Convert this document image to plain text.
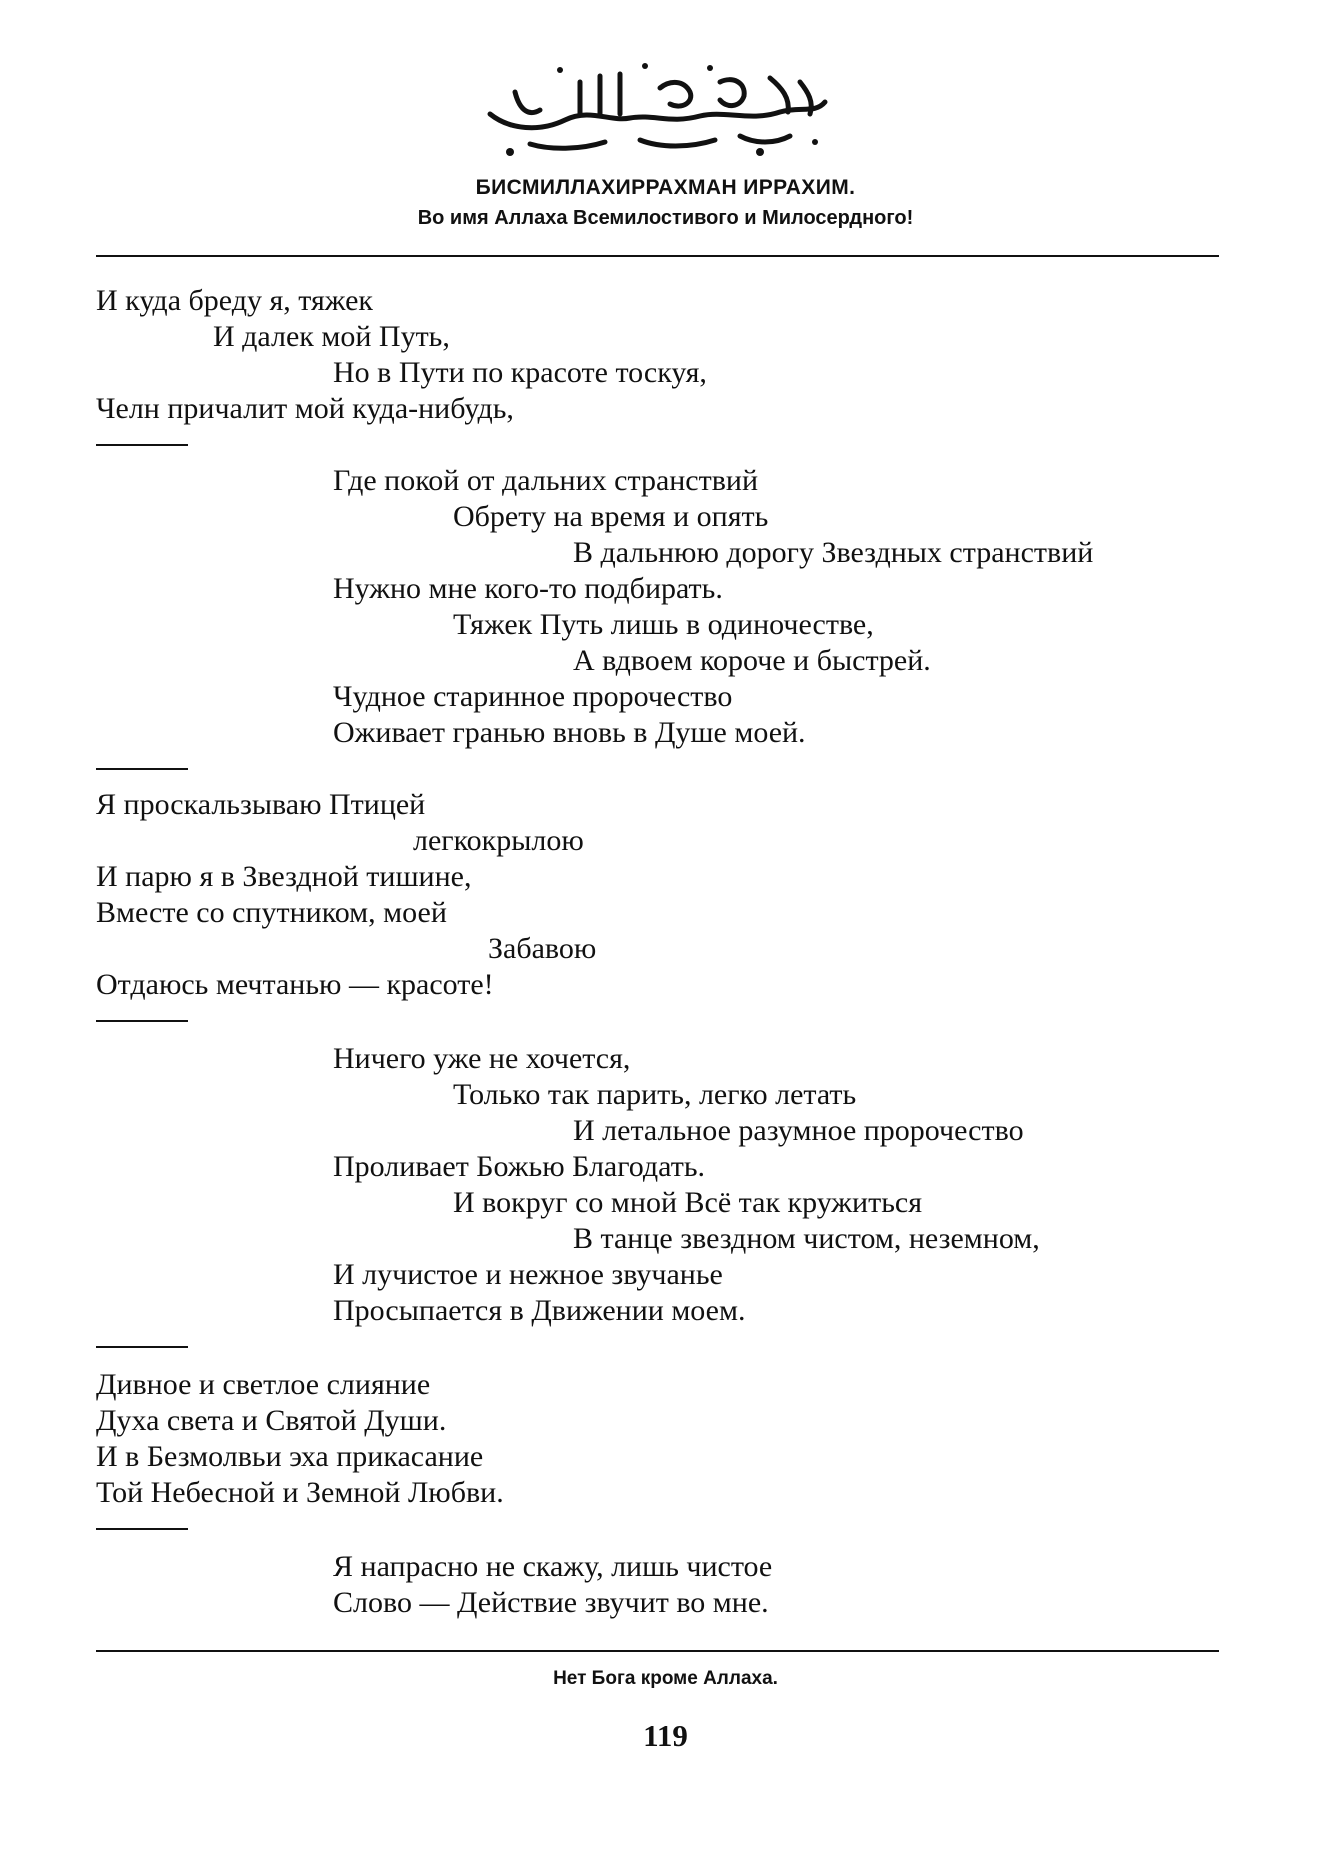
БИСМИЛЛАХИРРАХМАН ИРРАХИМ.
Во имя Аллаха Всемилостивого и Милосердного!
И куда бреду я, тяжек
И далек мой Путь,
Но в Пути по красоте тоскуя,
Челн причалит мой куда-нибудь,
Где покой от дальних странствий
Обрету на время и опять
В дальнюю дорогу Звездных странствий
Нужно мне кого-то подбирать.
Тяжек Путь лишь в одиночестве,
А вдвоем короче и быстрей.
Чудное старинное пророчество
Оживает гранью вновь в Душе моей.
Я проскальзываю Птицей
легкокрылою
И парю я в Звездной тишине,
Вместе со спутником, моей
Забавою
Отдаюсь мечтанью — красоте!
Ничего уже не хочется,
Только так парить, легко летать
И летальное разумное пророчество
Проливает Божью Благодать.
И вокруг со мной Всё так кружиться
В танце звездном чистом, неземном,
И лучистое и нежное звучанье
Просыпается в Движении моем.
Дивное и светлое слияние
Духа света и Святой Души.
И в Безмолвьи эха прикасание
Той Небесной и Земной Любви.
Я напрасно не скажу, лишь чистое
Слово — Действие звучит во мне.
Нет Бога кроме Аллаха.
119
